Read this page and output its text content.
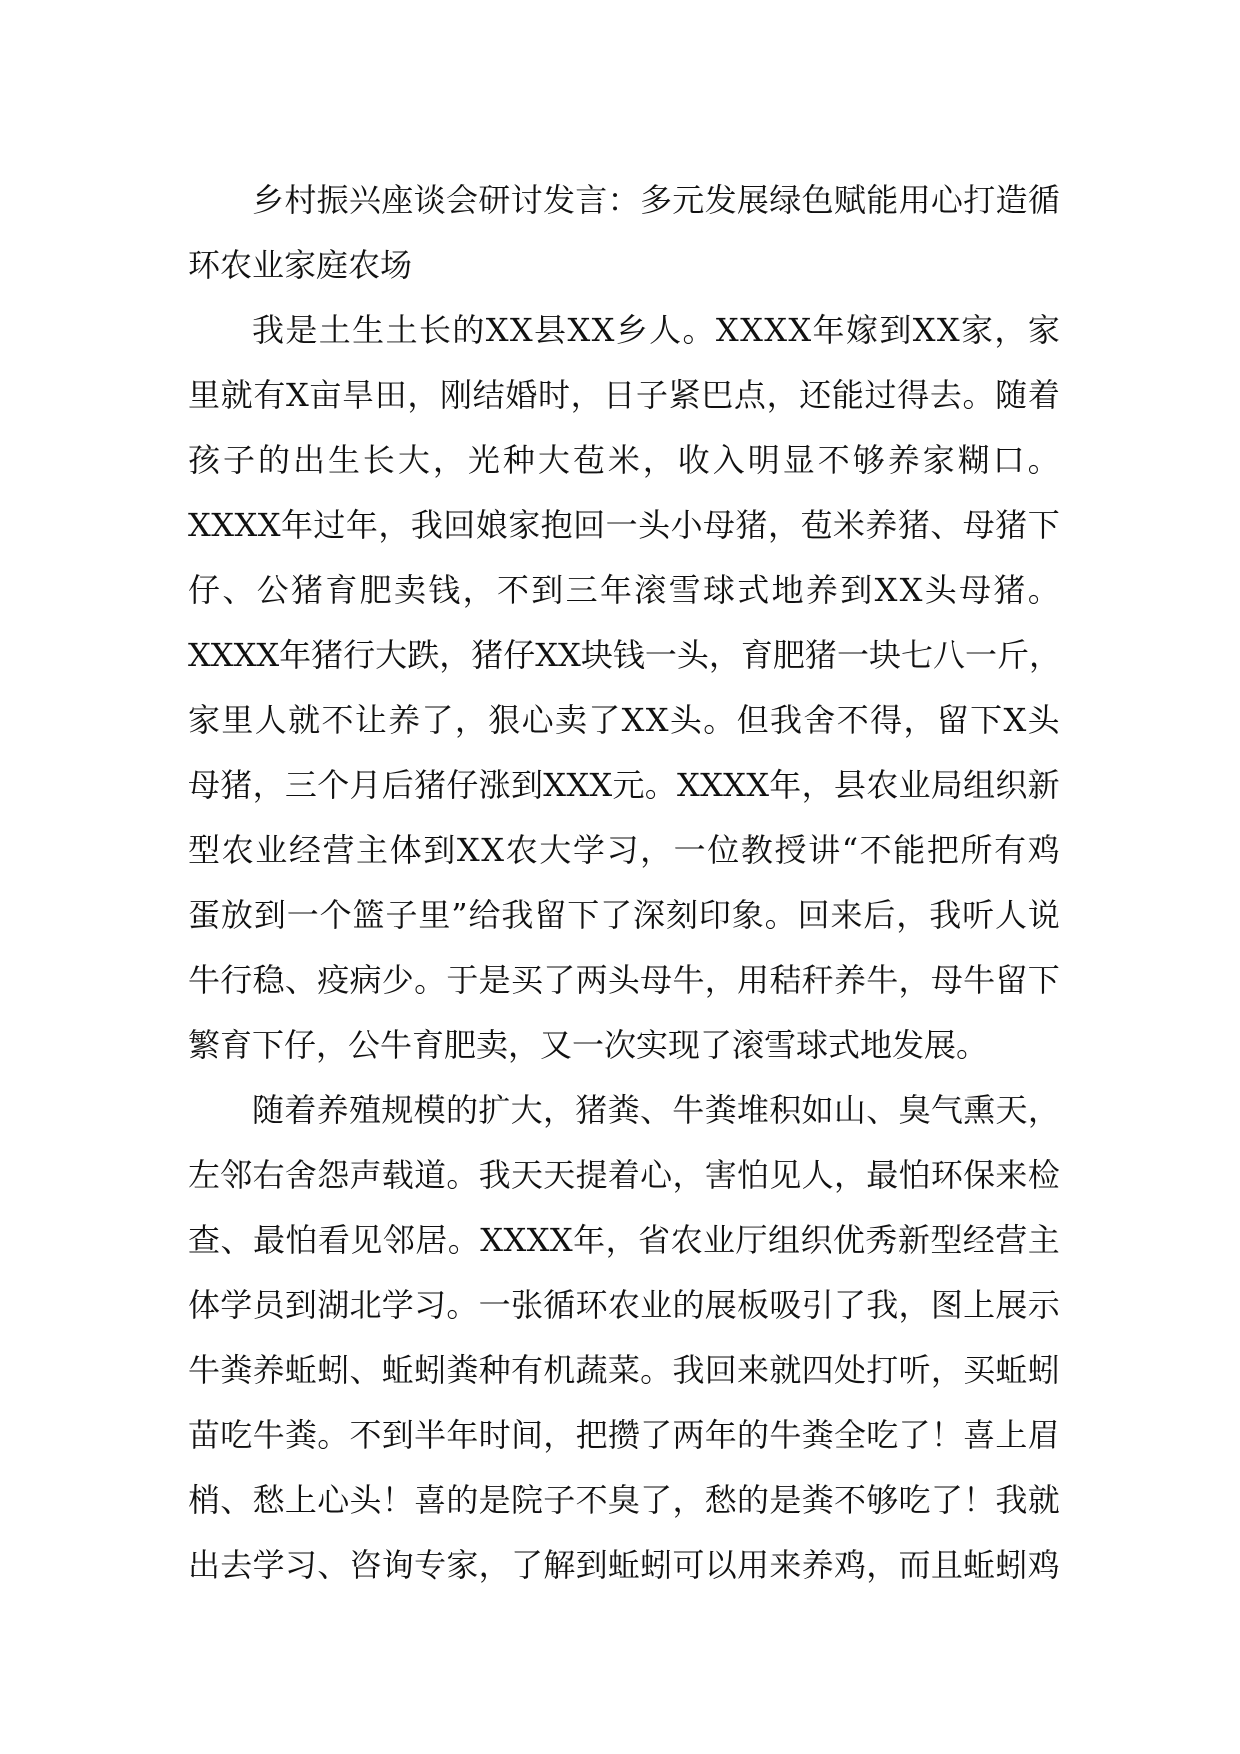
乡 村 振 兴 座 谈 会 研 讨 发 言 ： 多 元 发 展 绿 色 赋 能 用 心 打 造 循
环农业家庭农场
我 是 土 生 土 长 的 X X 县 X X 乡 人 。 X X X X 年 嫁 到 X X 家 ， 家
里 就 有 X 亩 旱 田 ， 刚 结 婚 时 ， 日 子 紧 巴 点 ， 还 能 过 得 去 。 随 着
孩 子 的 出 生 长 大 ， 光 种 大 苞 米 ， 收 入 明 显 不 够 养 家 糊 口 。
X X X X 年 过 年 ， 我 回 娘 家 抱 回 一 头 小 母 猪 ， 苞 米 养 猪 、 母 猪 下
仔 、 公 猪 育 肥 卖 钱 ， 不 到 三 年 滚 雪 球 式 地 养 到 X X 头 母 猪 。
X X X X 年 猪 行 大 跌 ， 猪 仔 X X 块 钱 一 头 ， 育 肥 猪 一 块 七 八 一 斤 ，
家 里 人 就 不 让 养 了 ， 狠 心 卖 了 X X 头 。 但 我 舍 不 得 ， 留 下 X 头
母 猪 ， 三 个 月 后 猪 仔 涨 到 X X X 元 。 X X X X 年 ， 县 农 业 局 组 织 新
型 农 业 经 营 主 体 到 X X 农 大 学 习 ， 一 位 教 授 讲 “ 不 能 把 所 有 鸡
蛋 放 到 一 个 篮 子 里 ” 给 我 留 下 了 深 刻 印 象 。 回 来 后 ， 我 听 人 说
牛 行 稳 、 疫 病 少 。 于 是 买 了 两 头 母 牛 ， 用 秸 秆 养 牛 ， 母 牛 留 下
繁育下仔，公牛育肥卖，又一次实现了滚雪球式地发展。
随 着 养 殖 规 模 的 扩 大 ， 猪 粪 、 牛 粪 堆 积 如 山 、 臭 气 熏 天 ，
左 邻 右 舍 怨 声 载 道 。 我 天 天 提 着 心 ， 害 怕 见 人 ， 最 怕 环 保 来 检
查 、 最 怕 看 见 邻 居 。 X X X X 年 ， 省 农 业 厅 组 织 优 秀 新 型 经 营 主
体 学 员 到 湖 北 学 习 。 一 张 循 环 农 业 的 展 板 吸 引 了 我 ， 图 上 展 示
牛 粪 养 蚯 蚓 、 蚯 蚓 粪 种 有 机 蔬 菜 。 我 回 来 就 四 处 打 听 ， 买 蚯 蚓
苗 吃 牛 粪 。 不 到 半 年 时 间 ， 把 攒 了 两 年 的 牛 粪 全 吃 了 ！ 喜 上 眉
梢 、 愁 上 心 头 ！ 喜 的 是 院 子 不 臭 了 ， 愁 的 是 粪 不 够 吃 了 ！ 我 就
出 去 学 习 、 咨 询 专 家 ， 了 解 到 蚯 蚓 可 以 用 来 养 鸡 ， 而 且 蚯 蚓 鸡
